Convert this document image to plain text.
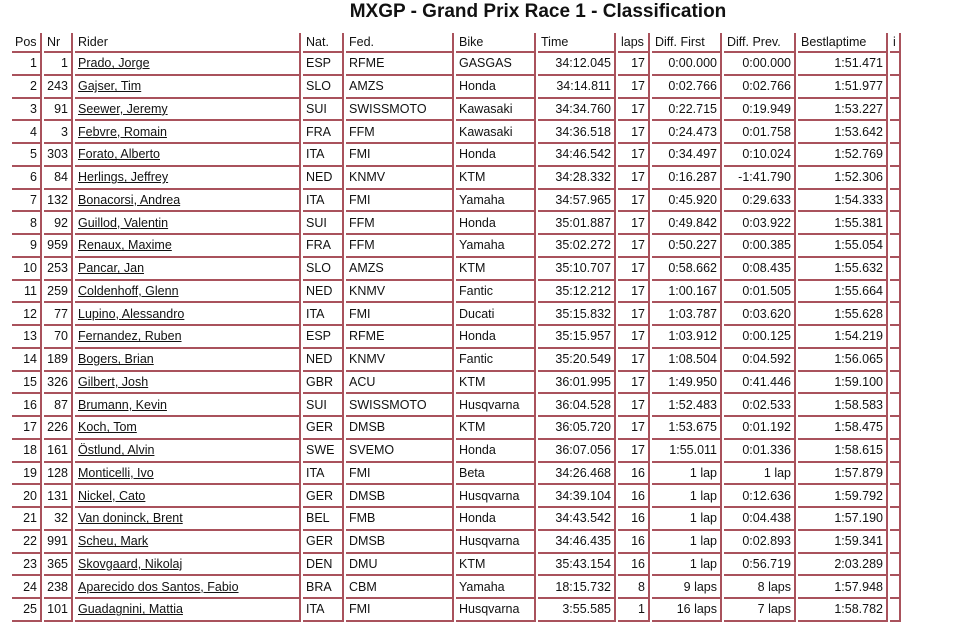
MXGP - Grand Prix Race 1 - Classification
Pos	Nr	Rider	Nat.	Fed.	Bike	Time	laps	Diff. First	Diff. Prev.	Bestlaptime	i
1	1	Prado, Jorge	ESP	RFME	GASGAS	34:12.045	17	0:00.000	0:00.000	1:51.471	
2	243	Gajser, Tim	SLO	AMZS	Honda	34:14.811	17	0:02.766	0:02.766	1:51.977	
3	91	Seewer, Jeremy	SUI	SWISSMOTO	Kawasaki	34:34.760	17	0:22.715	0:19.949	1:53.227	
4	3	Febvre, Romain	FRA	FFM	Kawasaki	34:36.518	17	0:24.473	0:01.758	1:53.642	
5	303	Forato, Alberto	ITA	FMI	Honda	34:46.542	17	0:34.497	0:10.024	1:52.769	
6	84	Herlings, Jeffrey	NED	KNMV	KTM	34:28.332	17	0:16.287	-1:41.790	1:52.306	
7	132	Bonacorsi, Andrea	ITA	FMI	Yamaha	34:57.965	17	0:45.920	0:29.633	1:54.333	
8	92	Guillod, Valentin	SUI	FFM	Honda	35:01.887	17	0:49.842	0:03.922	1:55.381	
9	959	Renaux, Maxime	FRA	FFM	Yamaha	35:02.272	17	0:50.227	0:00.385	1:55.054	
10	253	Pancar, Jan	SLO	AMZS	KTM	35:10.707	17	0:58.662	0:08.435	1:55.632	
11	259	Coldenhoff, Glenn	NED	KNMV	Fantic	35:12.212	17	1:00.167	0:01.505	1:55.664	
12	77	Lupino, Alessandro	ITA	FMI	Ducati	35:15.832	17	1:03.787	0:03.620	1:55.628	
13	70	Fernandez, Ruben	ESP	RFME	Honda	35:15.957	17	1:03.912	0:00.125	1:54.219	
14	189	Bogers, Brian	NED	KNMV	Fantic	35:20.549	17	1:08.504	0:04.592	1:56.065	
15	326	Gilbert, Josh	GBR	ACU	KTM	36:01.995	17	1:49.950	0:41.446	1:59.100	
16	87	Brumann, Kevin	SUI	SWISSMOTO	Husqvarna	36:04.528	17	1:52.483	0:02.533	1:58.583	
17	226	Koch, Tom	GER	DMSB	KTM	36:05.720	17	1:53.675	0:01.192	1:58.475	
18	161	Östlund, Alvin	SWE	SVEMO	Honda	36:07.056	17	1:55.011	0:01.336	1:58.615	
19	128	Monticelli, Ivo	ITA	FMI	Beta	34:26.468	16	1 lap	1 lap	1:57.879	
20	131	Nickel, Cato	GER	DMSB	Husqvarna	34:39.104	16	1 lap	0:12.636	1:59.792	
21	32	Van doninck, Brent	BEL	FMB	Honda	34:43.542	16	1 lap	0:04.438	1:57.190	
22	991	Scheu, Mark	GER	DMSB	Husqvarna	34:46.435	16	1 lap	0:02.893	1:59.341	
23	365	Skovgaard, Nikolaj	DEN	DMU	KTM	35:43.154	16	1 lap	0:56.719	2:03.289	
24	238	Aparecido dos Santos, Fabio	BRA	CBM	Yamaha	18:15.732	8	9 laps	8 laps	1:57.948	
25	101	Guadagnini, Mattia	ITA	FMI	Husqvarna	3:55.585	1	16 laps	7 laps	1:58.782	
